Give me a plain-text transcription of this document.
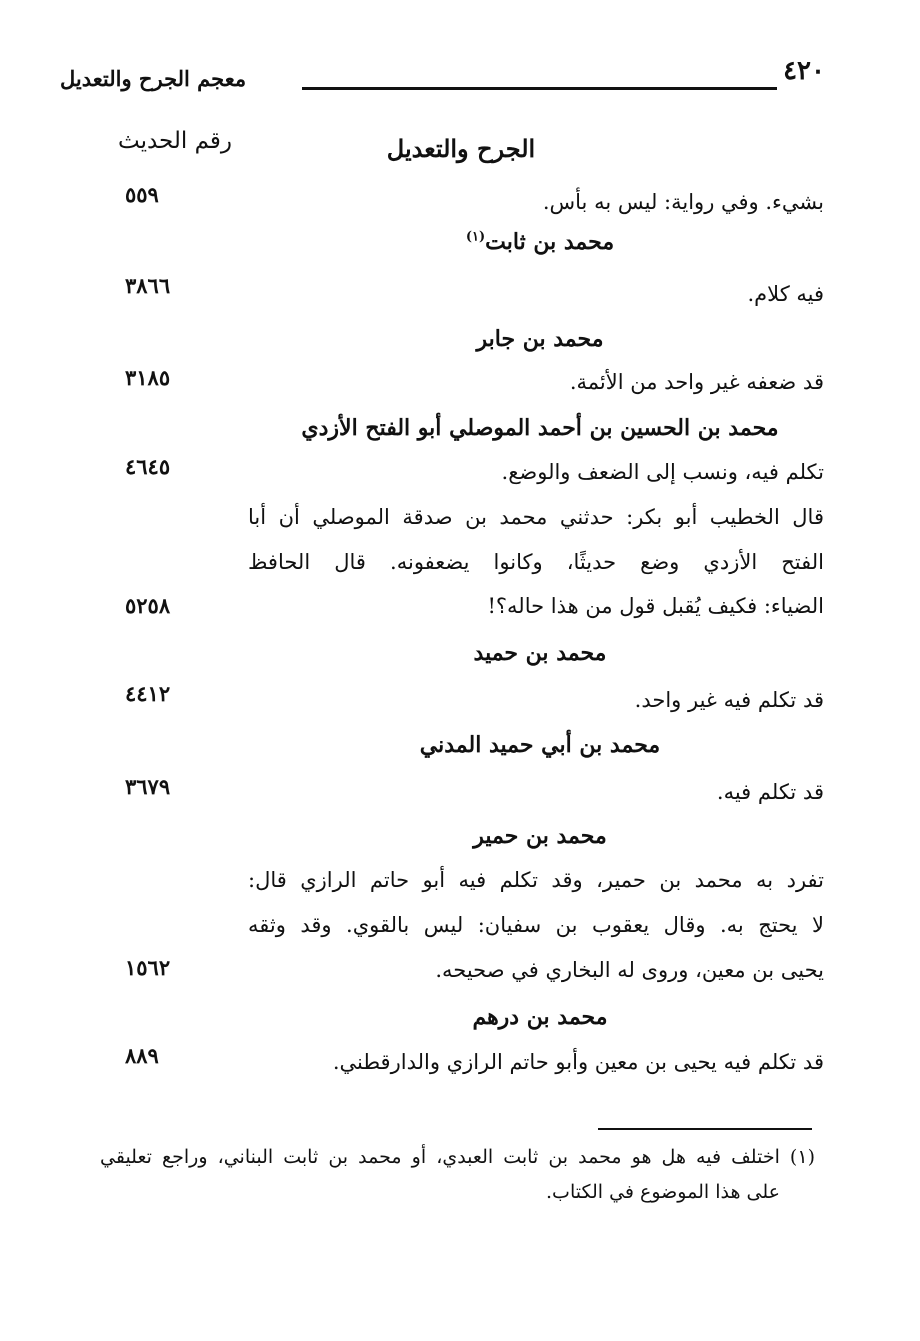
٤٢٠
معجم الجرح والتعديل
الجرح والتعديل
رقم الحديث
بشيء. وفي رواية: ليس به بأس.
٥٥٩
محمد بن ثابت$^{(١)}$
فيه كلام.
٣٨٦٦
محمد بن جابر
قد ضعفه غير واحد من الأئمة.
٣١٨٥
محمد بن الحسين بن أحمد الموصلي أبو الفتح الأزدي
تكلم فيه، ونسب إلى الضعف والوضع.
٤٦٤٥
قال الخطيب أبو بكر: حدثني محمد بن صدقة الموصلي أن أبا
الفتح الأزدي وضع حديثًا، وكانوا يضعفونه. قال الحافظ
الضياء: فكيف يُقبل قول من هذا حاله؟!
٥٢٥٨
محمد بن حميد
قد تكلم فيه غير واحد.
٤٤١٢
محمد بن أبي حميد المدني
قد تكلم فيه.
٣٦٧٩
محمد بن حمير
تفرد به محمد بن حمير، وقد تكلم فيه أبو حاتم الرازي قال:
لا يحتج به. وقال يعقوب بن سفيان: ليس بالقوي. وقد وثقه
يحيى بن معين، وروى له البخاري في صحيحه.
١٥٦٢
محمد بن درهم
قد تكلم فيه يحيى بن معين وأبو حاتم الرازي والدارقطني.
٨٨٩
(١) اختلف فيه هل هو محمد بن ثابت العبدي، أو محمد بن ثابت البناني، وراجع تعليقي
على هذا الموضوع في الكتاب.
